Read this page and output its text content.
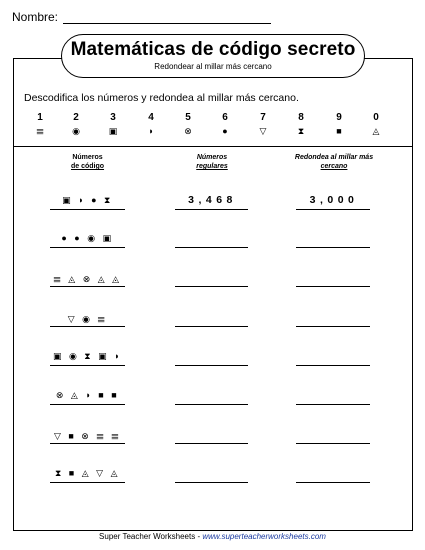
Nombre:
Matemáticas de código secreto
Redondear al millar más cercano
Descodifica los números y redondea al millar más cercano.
1
𝍣
2
◉
3
▣
4
◗
5
⊗
6
●
7
▽
8
⧗
9
■
0
◬
Números
de código
Números
regulares
Redondea al millar más
cercano
▣ ◗ ● ⧗	3,468	3,000
● ● ◉ ▣
𝍣 ◬ ⊗ ◬ ◬
▽ ◉ 𝍣
▣ ◉ ⧗ ▣ ◗
⊗ ◬ ◗ ■ ■
▽ ■ ⊗ 𝍣 𝍣
⧗ ■ ◬ ▽ ◬
Super Teacher Worksheets - www.superteacherworksheets.com
